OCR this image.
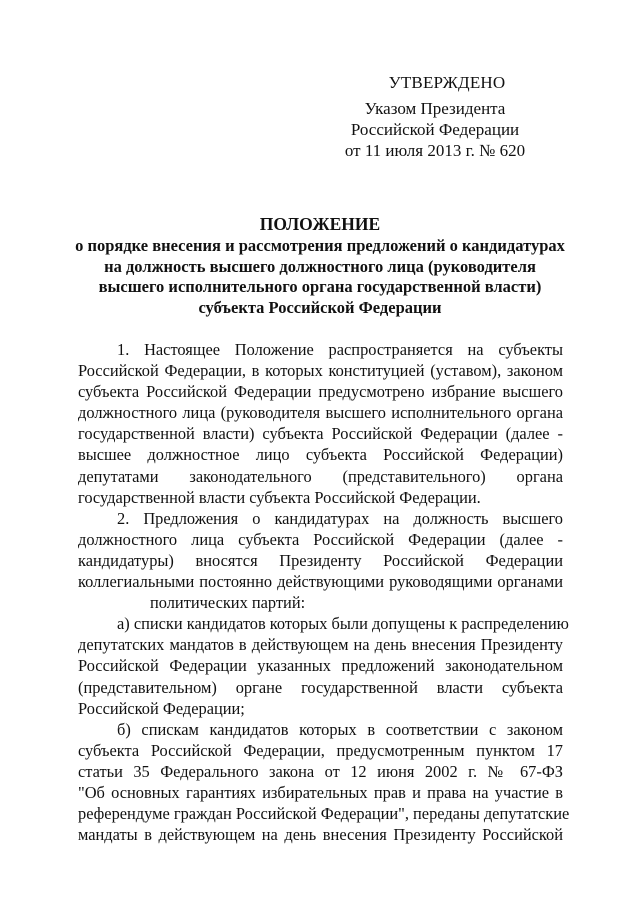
УТВЕРЖДЕНО
Указом Президента
Российской Федерации
от 11 июля 2013 г. № 620
ПОЛОЖЕНИЕ
о порядке внесения и рассмотрения предложений о кандидатурах
на должность высшего должностного лица (руководителя
высшего исполнительного органа государственной власти)
субъекта Российской Федерации
1. Настоящее Положение распространяется на субъекты
Российской Федерации, в которых конституцией (уставом), законом
субъекта Российской Федерации предусмотрено избрание высшего
должностного лица (руководителя высшего исполнительного органа
государственной власти) субъекта Российской Федерации (далее -
высшее должностное лицо субъекта Российской Федерации)
депутатами законодательного (представительного) органа
государственной власти субъекта Российской Федерации.
2. Предложения о кандидатурах на должность высшего
должностного лица субъекта Российской Федерации (далее -
кандидатуры) вносятся Президенту Российской Федерации
коллегиальными постоянно действующими руководящими органами
политических партий:
а) списки кандидатов которых были допущены к распределению
депутатских мандатов в действующем на день внесения Президенту
Российской Федерации указанных предложений законодательном
(представительном) органе государственной власти субъекта
Российской Федерации;
б) спискам кандидатов которых в соответствии с законом
субъекта Российской Федерации, предусмотренным пунктом 17
статьи 35 Федерального закона от 12 июня 2002 г. № 67-ФЗ
"Об основных гарантиях избирательных прав и права на участие в
референдуме граждан Российской Федерации", переданы депутатские
мандаты в действующем на день внесения Президенту Российской
